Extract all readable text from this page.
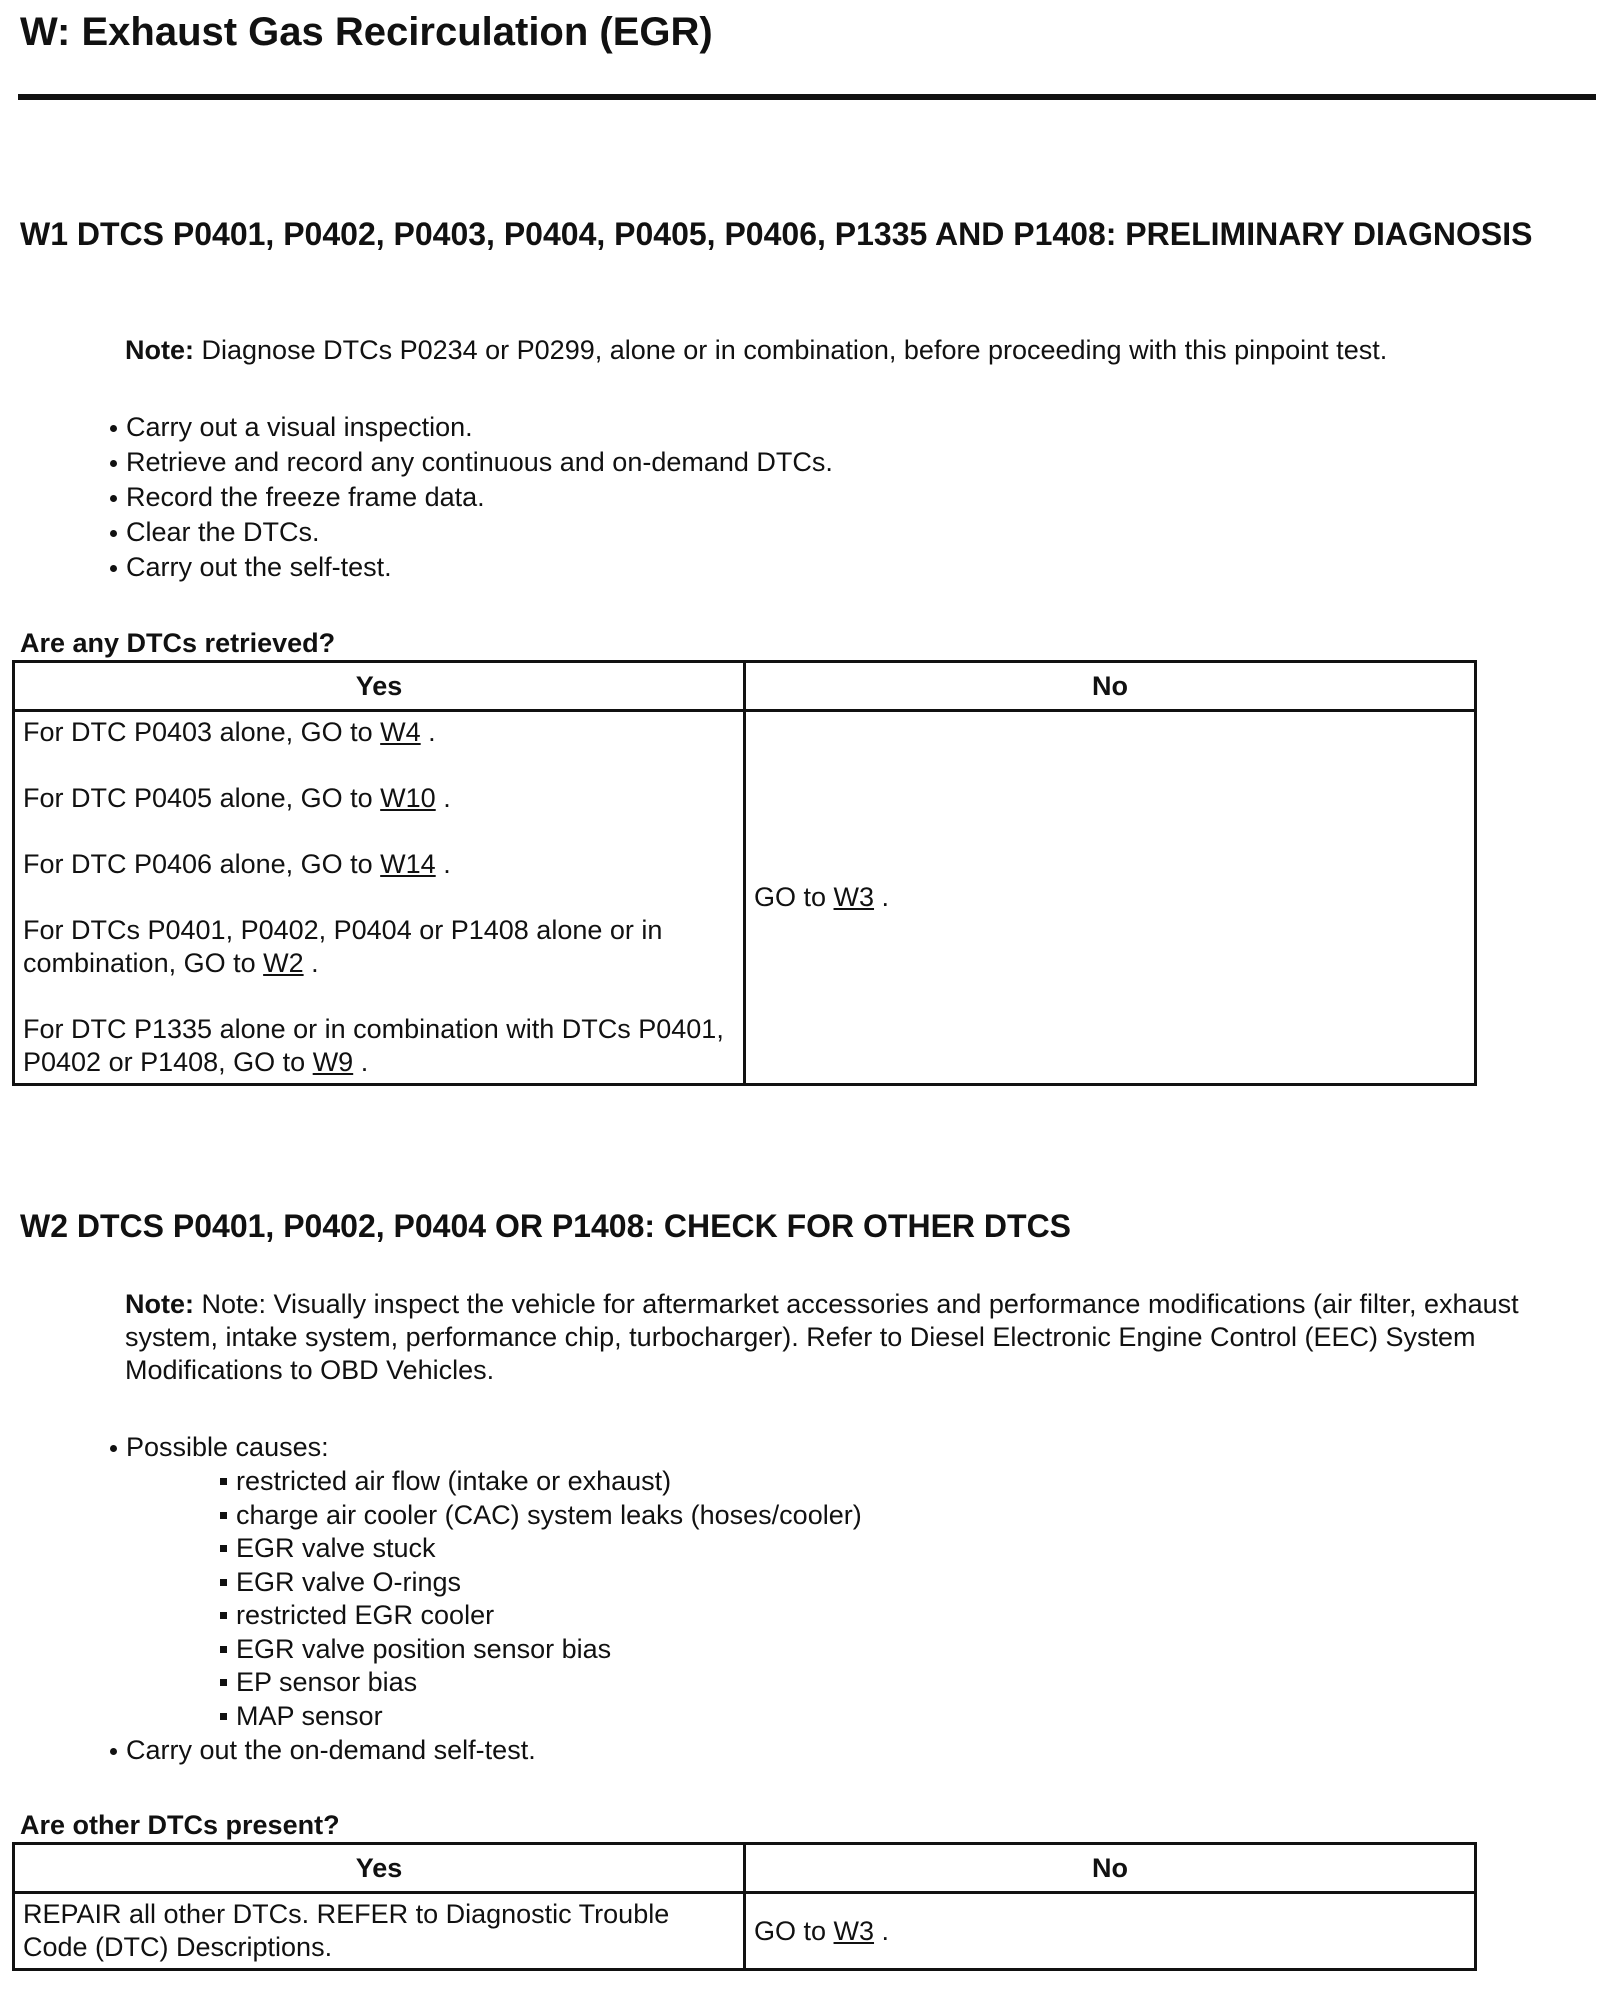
W: Exhaust Gas Recirculation (EGR)
W1 DTCS P0401, P0402, P0403, P0404, P0405, P0406, P1335 AND P1408: PRELIMINARY DIAGNOSIS

Note: Diagnose DTCs P0234 or P0299, alone or in combination, before proceeding with this pinpoint test.

Carry out a visual inspection.
Retrieve and record any continuous and on-demand DTCs.
Record the freeze frame data.
Clear the DTCs.
Carry out the self-test.

Are any DTCs retrieved?

Yes	No

For DTC P0403 alone, GO to W4 .

For DTC P0405 alone, GO to W10 .

For DTC P0406 alone, GO to W14 .

For DTCs P0401, P0402, P0404 or P1408 alone or in combination, GO to W2 .

For DTC P1335 alone or in combination with DTCs P0401, P0402 or P1408, GO to W9 .	GO to W3 .
W2 DTCS P0401, P0402, P0404 OR P1408: CHECK FOR OTHER DTCS

Note: Note: Visually inspect the vehicle for aftermarket accessories and performance modifications (air filter, exhaust system, intake system, performance chip, turbocharger). Refer to Diesel Electronic Engine Control (EEC) System Modifications to OBD Vehicles.

Possible causes:
restricted air flow (intake or exhaust)
charge air cooler (CAC) system leaks (hoses/cooler)
EGR valve stuck
EGR valve O-rings
restricted EGR cooler
EGR valve position sensor bias
EP sensor bias
MAP sensor
Carry out the on-demand self-test.

Are other DTCs present?

Yes	No
REPAIR all other DTCs. REFER to Diagnostic Trouble Code (DTC) Descriptions.	GO to W3 .
